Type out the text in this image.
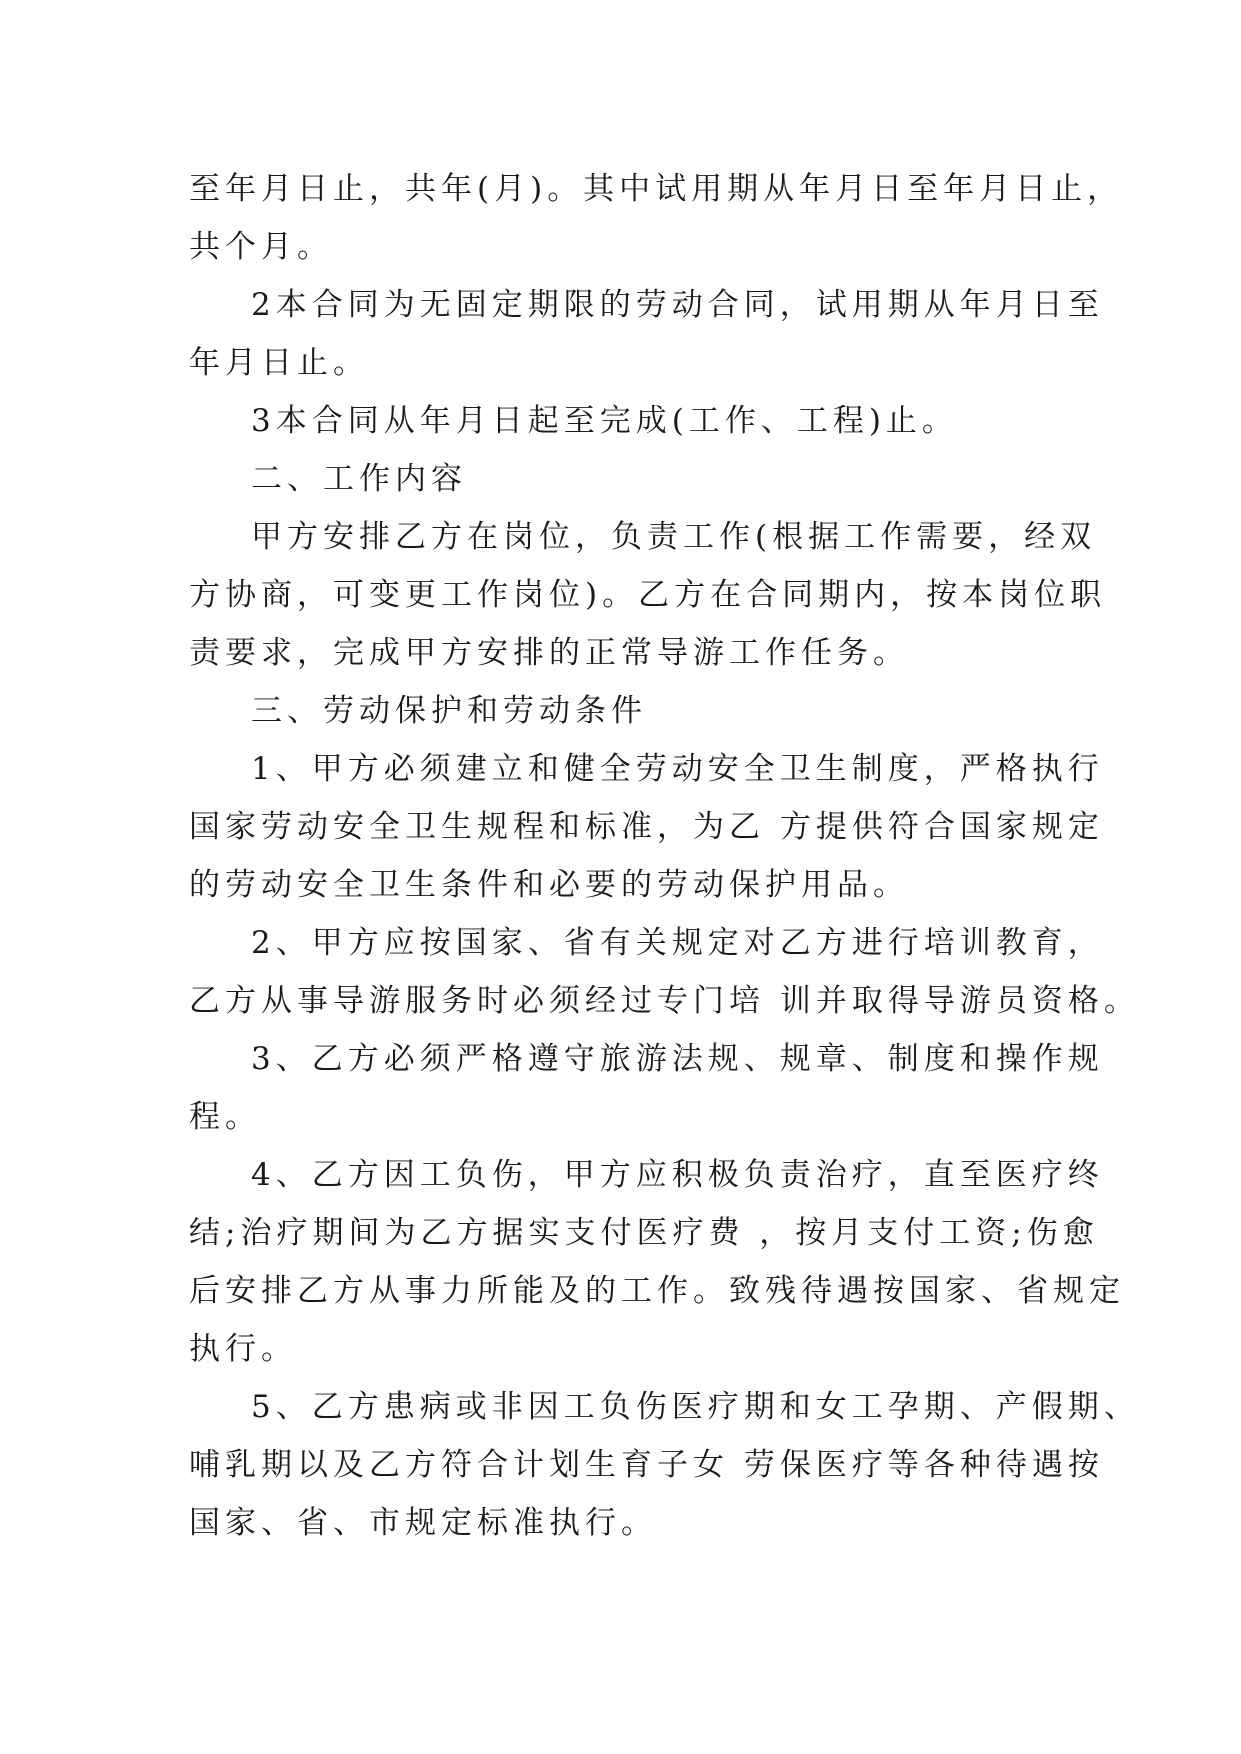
至年月日止，共年(月)。其中试用期从年月日至年月日止，
共个月。
2本合同为无固定期限的劳动合同，试用期从年月日至
年月日止。
3本合同从年月日起至完成(工作、工程)止。
二、工作内容
甲方安排乙方在岗位，负责工作(根据工作需要，经双
方协商，可变更工作岗位)。乙方在合同期内，按本岗位职
责要求，完成甲方安排的正常导游工作任务。
三、劳动保护和劳动条件
1、甲方必须建立和健全劳动安全卫生制度，严格执行
国家劳动安全卫生规程和标准，为乙 方提供符合国家规定
的劳动安全卫生条件和必要的劳动保护用品。
2、甲方应按国家、省有关规定对乙方进行培训教育，
乙方从事导游服务时必须经过专门培 训并取得导游员资格。
3、乙方必须严格遵守旅游法规、规章、制度和操作规
程。
4、乙方因工负伤，甲方应积极负责治疗，直至医疗终
结;治疗期间为乙方据实支付医疗费 ，按月支付工资;伤愈
后安排乙方从事力所能及的工作。致残待遇按国家、省规定
执行。
5、乙方患病或非因工负伤医疗期和女工孕期、产假期、
哺乳期以及乙方符合计划生育子女 劳保医疗等各种待遇按
国家、省、市规定标准执行。
